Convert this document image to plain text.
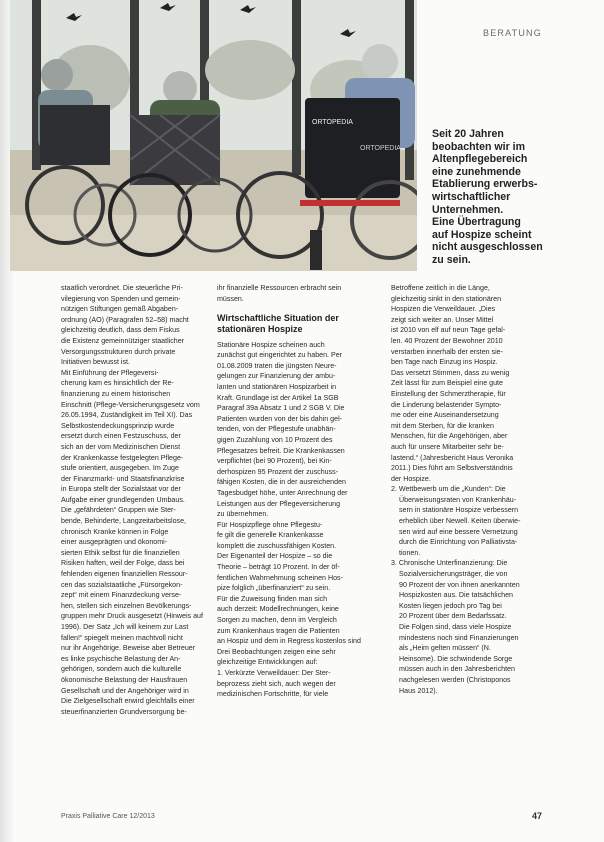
ORTOPEDIA
ORTOPEDIA
BERATUNG
Seit 20 Jahren
beobachten wir im
Altenpflegebereich
eine zunehmende
Etablierung erwerbs-
wirtschaftlicher
Unternehmen.
Eine Übertragung
auf Hospize scheint
nicht ausgeschlossen
zu sein.
staatlich verordnet. Die steuerliche Pri-
vilegierung von Spenden und gemein-
nützigen Stiftungen gemäß Abgaben-
ordnung (AO) (Paragrafen 52–58) macht
gleichzeitig deutlich, dass dem Fiskus
die Existenz gemeinnütziger staatlicher
Versorgungsstrukturen durch private
Initiativen bewusst ist.
Mit Einführung der Pflegeversi-
cherung kam es hinsichtlich der Re-
finanzierung zu einem historischen
Einschnitt (Pflege-Versicherungsgesetz vom
26.05.1994, Zuständigkeit im Teil XI). Das
Selbstkostendeckungsprinzip wurde
ersetzt durch einen Festzuschuss, der
sich an der vom Medizinischen Dienst
der Krankenkasse festgelegten Pflege-
stufe orientiert, ausgegeben. Im Zuge
der Finanzmarkt- und Staatsfinanzkrise
in Europa stellt der Sozialstaat vor der
Aufgabe einer grundlegenden Umbaus.
Die „gefährdeten“ Gruppen wie Ster-
bende, Behinderte, Langzeitarbeitslose,
chronisch Kranke können in Folge
einer ausgeprägten und ökonomi-
sierten Ethik selbst für die finanziellen
Risiken haften, weil der Folge, dass bei
fehlenden eigenen finanziellen Ressour-
cen das sozialstaatliche „Fürsorgekon-
zept“ mit einem Finanzdeckung verse-
hen, stellen sich einzelnen Bevölkerungs-
gruppen mehr Druck ausgesetzt (Hinweis auf
1996). Der Satz „Ich will keinem zur Last
fallen!“ spiegelt meinen machtvoll nicht
nur ihr Angehörige. Beweise aber Betreuer
es linke psychische Belastung der An-
gehörigen, sondern auch die kulturelle
ökonomische Belastung der Hausfrauen
Gesellschaft und der Angehöriger wird in
Die Zielgesellschaft erwird gleichfalls einer
steuerfinanzierten Grundversorgung be-
ihr finanzielle Ressourcen erbracht sein
müssen.
Wirtschaftliche Situation der
stationären Hospize
Stationäre Hospize scheinen auch
zunächst gut eingerichtet zu haben. Per
01.08.2009 traten die jüngsten Neure-
gelungen zur Finanzierung der ambu-
lanten und stationären Hospizarbeit in
Kraft. Grundlage ist der Artikel 1a SGB
Paragraf 39a Absatz 1 und 2 SGB V. Die
Patienten wurden von der bis dahin gel-
tenden, von der Pflegestufe unabhän-
gigen Zuzahlung von 10 Prozent des
Pflegesatzes befreit. Die Krankenkassen
verpflichtet (bei 90 Prozent), bei Kin-
derhospizen 95 Prozent der zuschuss-
fähigen Kosten, die in der ausreichenden
Tagesbudget höhe, unter Anrechnung der
Leistungen aus der Pflegeversicherung
zu übernehmen.
Für Hospizpflege ohne Pflegestu-
fe gilt die generelle Krankenkasse
komplett die zuschussfähigen Kosten.
Der Eigenanteil der Hospize – so die
Theorie – beträgt 10 Prozent. In der öf-
fentlichen Wahrnehmung scheinen Hos-
pize folglich „überfinanziert“ zu sein.
Für die Zuweisung finden man sich
auch derzeit: Modellrechnungen, keine
Sorgen zu machen, denn im Vergleich
zum Krankenhaus tragen die Patienten
an Hospiz und dem in Regress kostenlos sind
Drei Beobachtungen zeigen eine sehr
gleichzeitige Entwicklungen auf:
1. Verkürzte Verweildauer: Der Ster-
beprozess zieht sich, auch wegen der
medizinischen Fortschritte, für viele
Betroffene zeitlich in die Länge,
gleichzeitig sinkt in den stationären
Hospizen die Verweildauer. „Dies
zeigt sich weiter an. Unser Mittel
ist 2010 von elf auf neun Tage gefal-
len. 40 Prozent der Bewohner 2010
verstarben innerhalb der ersten sie-
ben Tage nach Einzug ins Hospiz.
Das versetzt Stimmen, dass zu wenig
Zeit lässt für zum Beispiel eine gute
Einstellung der Schmerztherapie, für
die Linderung belastender Sympto-
me oder eine Auseinandersetzung
mit dem Sterben, für die kranken
Menschen, für die Angehörigen, aber
auch für unsere Mitarbeiter sehr be-
lastend.“ (Jahresbericht Haus Veronika
2011.) Dies führt am Selbstverständnis
der Hospize.
2. Wettbewerb um die „Kunden“: Die
Überweisungsraten von Krankenhäu-
sern in stationäre Hospize verbessern
erheblich über Newell. Keiten überwie-
sen wird auf eine bessere Vernetzung
durch die Einrichtung von Palliativsta-
tionen.
3. Chronische Unterfinanzierung: Die
Sozialversicherungsträger, die von
90 Prozent der von ihnen anerkannten
Hospizkosten aus. Die tatsächlichen
Kosten liegen jedoch pro Tag bei
20 Prozent über dem Bedarfssatz.
Die Folgen sind, dass viele Hospize
mindestens noch sind Finanzierungen
als „Heim gelten müssen“ (N.
Heinsome). Die schwindende Sorge
müssen auch in den Jahresberichten
nachgelesen werden (Christoponos
Haus 2012).
Praxis Palliative Care 12/2013	47
